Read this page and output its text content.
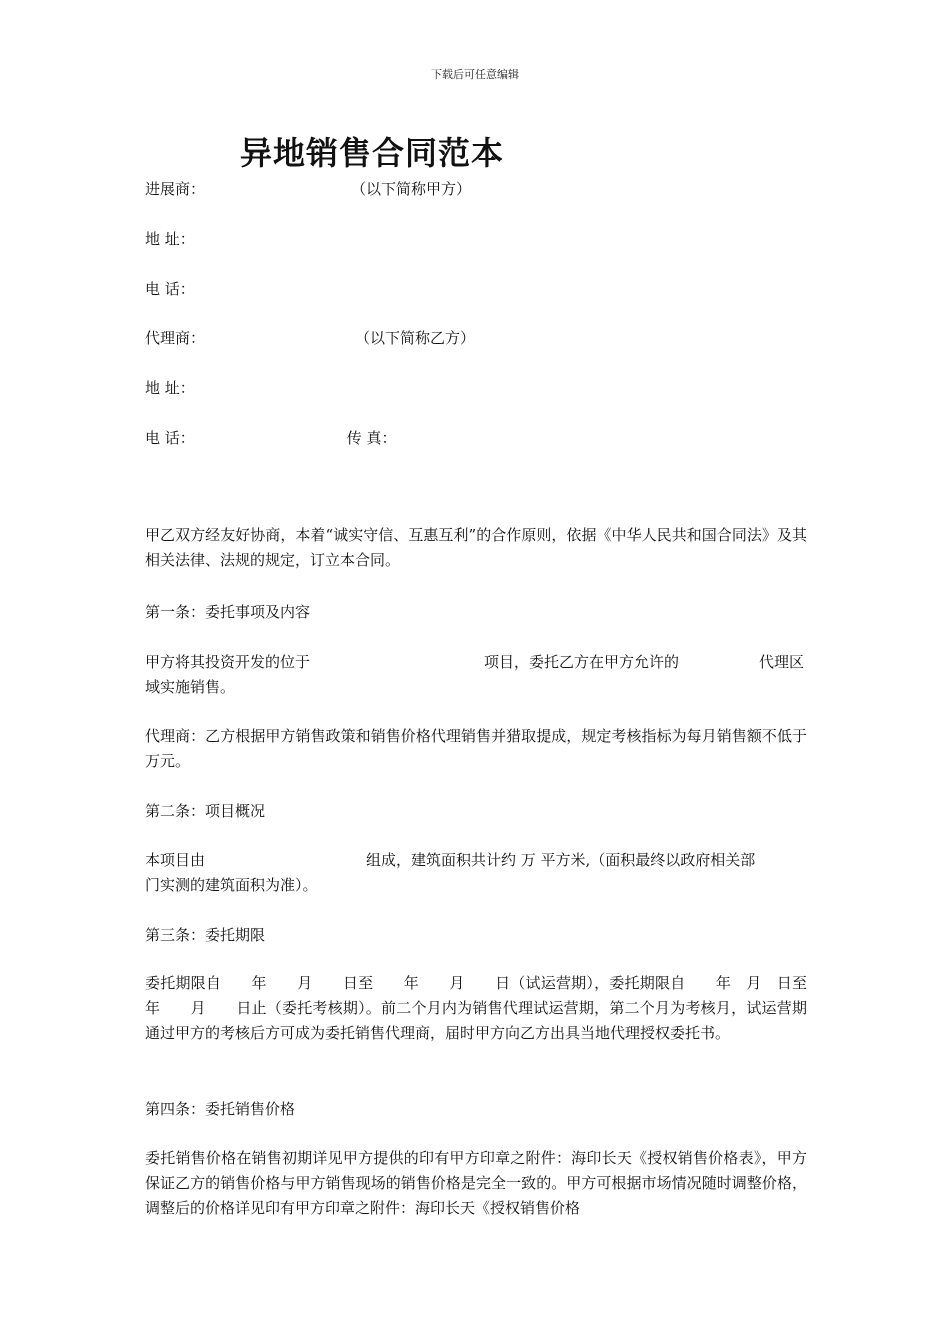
下载后可任意编辑
异地销售合同范本
进展商：	（以下简称甲方）
地 址：
电 话：
代理商：	（以下简称乙方）
地 址：
电 话：	传 真：
甲乙双方经友好协商，本着“诚实守信、互惠互利”的合作原则，依据《中华人民共和国合同法》及其相关法律、法规的规定，订立本合同。
第一条：委托事项及内容
甲方将其投资开发的位于	项目，委托乙方在甲方允许的	代理区
域实施销售。
代理商：乙方根据甲方销售政策和销售价格代理销售并猎取提成，规定考核指标为每月销售额不低于　　万元。
第二条：项目概况
本项目由	组成，建筑面积共计约 万 平方米,（面积最终以政府相关部
门实测的建筑面积为准）。
第三条：委托期限
委托期限自　　年　　月　　日至　　年　　月　　日（试运营期），委托期限自　　年　月　日至年　　月　　日止（委托考核期）。前二个月内为销售代理试运营期，第二个月为考核月，试运营期通过甲方的考核后方可成为委托销售代理商，届时甲方向乙方出具当地代理授权委托书。
第四条：委托销售价格
委托销售价格在销售初期详见甲方提供的印有甲方印章之附件：海印长天《授权销售价格表》，甲方保证乙方的销售价格与甲方销售现场的销售价格是完全一致的。甲方可根据市场情况随时调整价格，调整后的价格详见印有甲方印章之附件：海印长天《授权销售价格
